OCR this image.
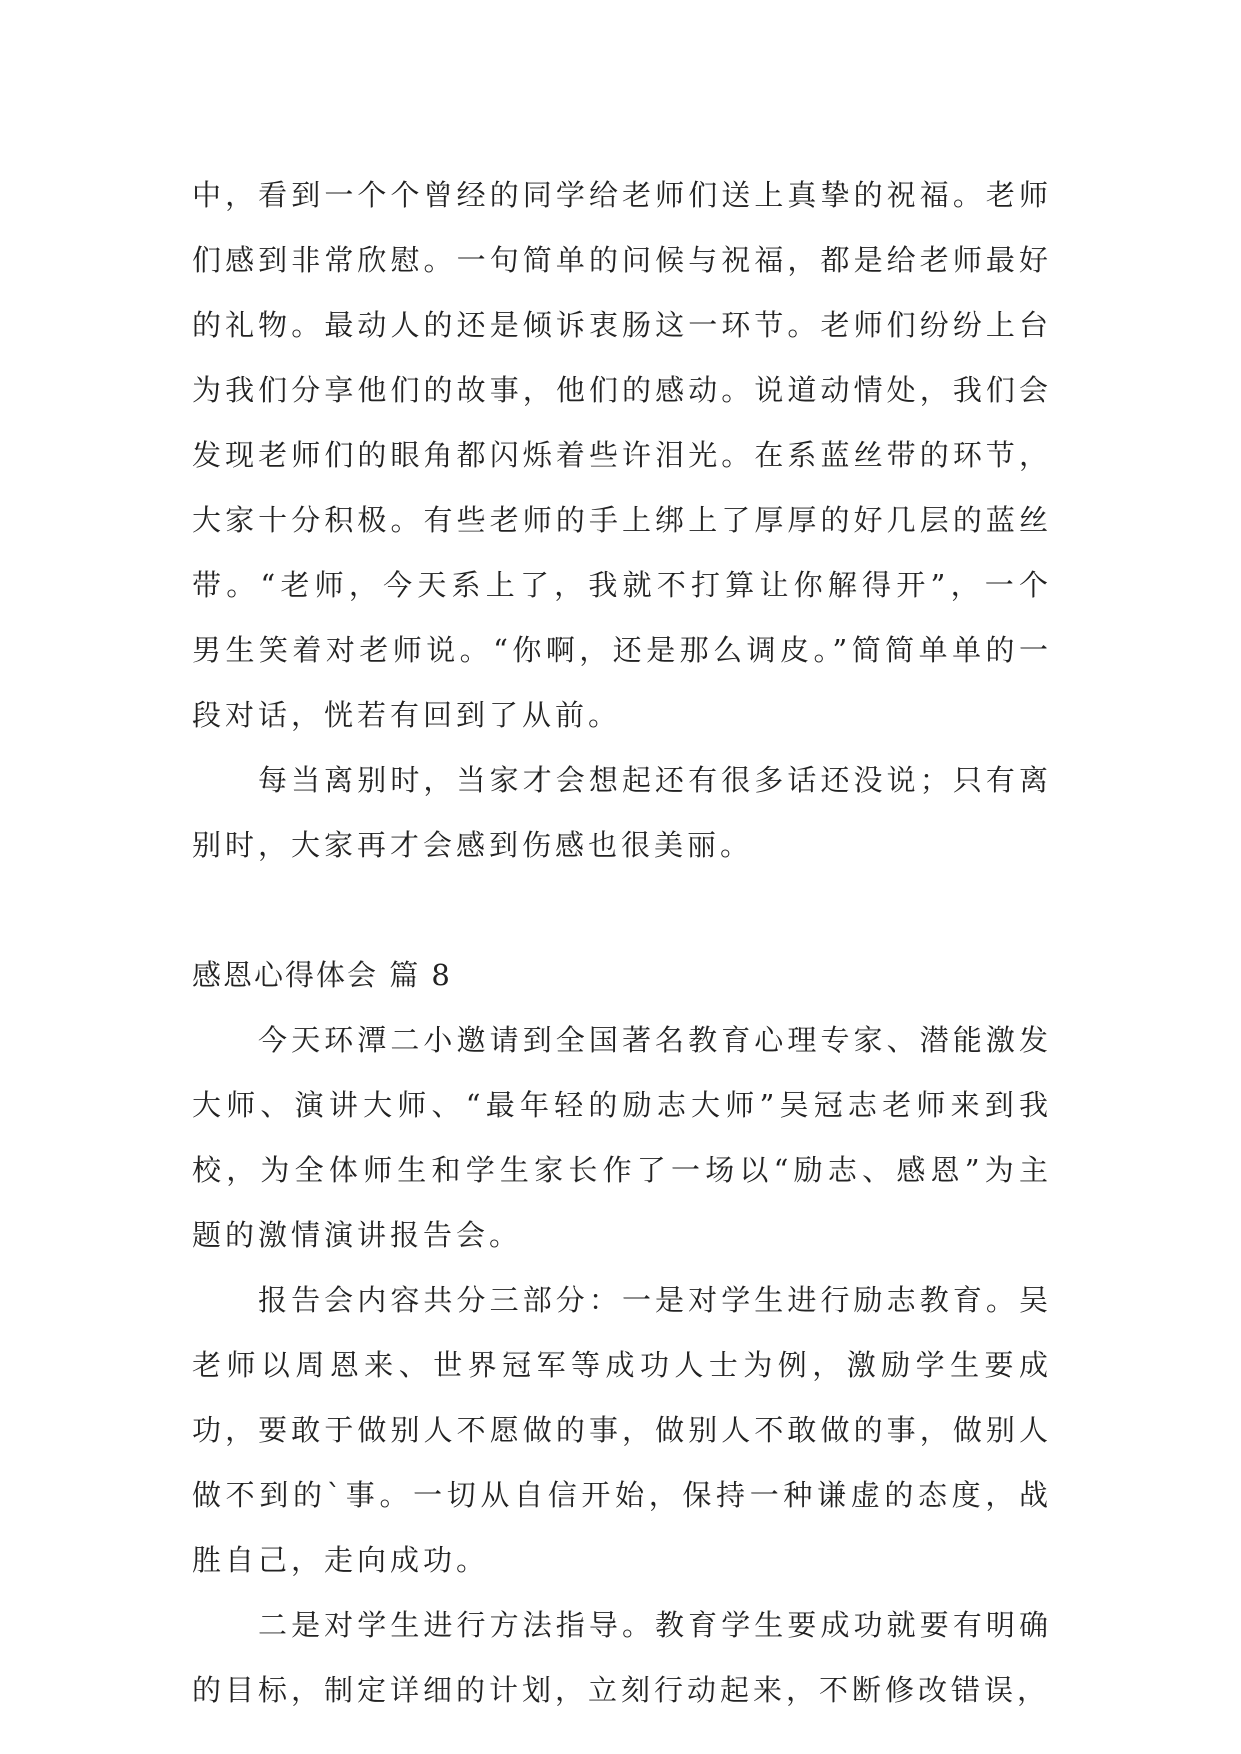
中，看到一个个曾经的同学给老师们送上真挚的祝福。老师们感到非常欣慰。一句简单的问候与祝福，都是给老师最好的礼物。最动人的还是倾诉衷肠这一环节。老师们纷纷上台为我们分享他们的故事，他们的感动。说道动情处，我们会发现老师们的眼角都闪烁着些许泪光。在系蓝丝带的环节，大家十分积极。有些老师的手上绑上了厚厚的好几层的蓝丝带。“老师，今天系上了，我就不打算让你解得开”，一个男生笑着对老师说。“你啊，还是那么调皮。”简简单单的一段对话，恍若有回到了从前。

每当离别时，当家才会想起还有很多话还没说；只有离别时，大家再才会感到伤感也很美丽。

感恩心得体会 篇 8

今天环潭二小邀请到全国著名教育心理专家、潜能激发大师、演讲大师、“最年轻的励志大师”吴冠志老师来到我校，为全体师生和学生家长作了一场以“励志、感恩”为主题的激情演讲报告会。

报告会内容共分三部分：一是对学生进行励志教育。吴老师以周恩来、世界冠军等成功人士为例，激励学生要成功，要敢于做别人不愿做的事，做别人不敢做的事，做别人做不到的`事。一切从自信开始，保持一种谦虚的态度，战胜自己，走向成功。

二是对学生进行方法指导。教育学生要成功就要有明确的目标，制定详细的计划，立刻行动起来，不断修改错误，
